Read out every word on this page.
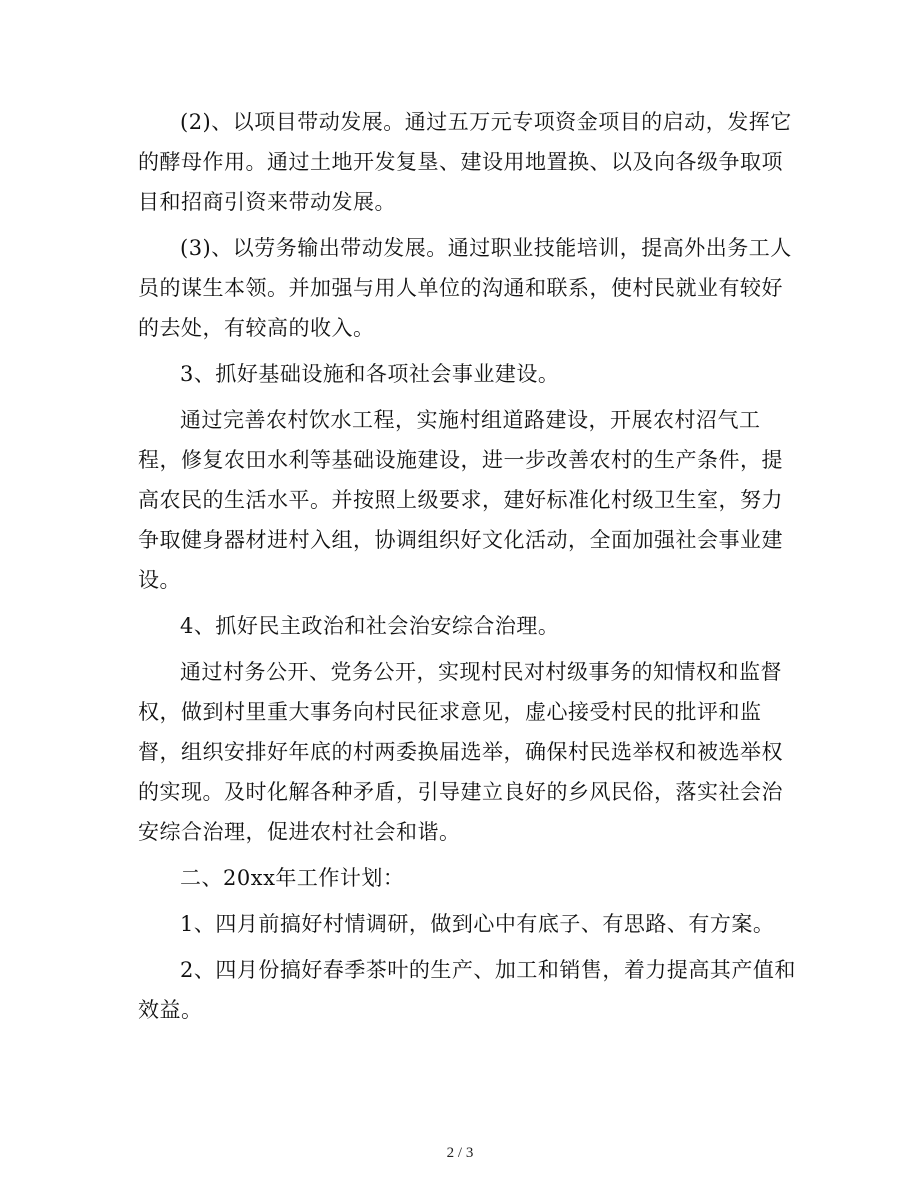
(2)、以项目带动发展。通过五万元专项资金项目的启动，发挥它的酵母作用。通过土地开发复垦、建设用地置换、以及向各级争取项目和招商引资来带动发展。

(3)、以劳务输出带动发展。通过职业技能培训，提高外出务工人员的谋生本领。并加强与用人单位的沟通和联系，使村民就业有较好的去处，有较高的收入。

3、抓好基础设施和各项社会事业建设。

通过完善农村饮水工程，实施村组道路建设，开展农村沼气工程，修复农田水利等基础设施建设，进一步改善农村的生产条件，提高农民的生活水平。并按照上级要求，建好标准化村级卫生室，努力争取健身器材进村入组，协调组织好文化活动，全面加强社会事业建设。

4、抓好民主政治和社会治安综合治理。

通过村务公开、党务公开，实现村民对村级事务的知情权和监督权，做到村里重大事务向村民征求意见，虚心接受村民的批评和监督，组织安排好年底的村两委换届选举，确保村民选举权和被选举权的实现。及时化解各种矛盾，引导建立良好的乡风民俗，落实社会治安综合治理，促进农村社会和谐。

二、20xx年工作计划：

1、四月前搞好村情调研，做到心中有底子、有思路、有方案。

2、四月份搞好春季茶叶的生产、加工和销售，着力提高其产值和效益。

2 / 3
